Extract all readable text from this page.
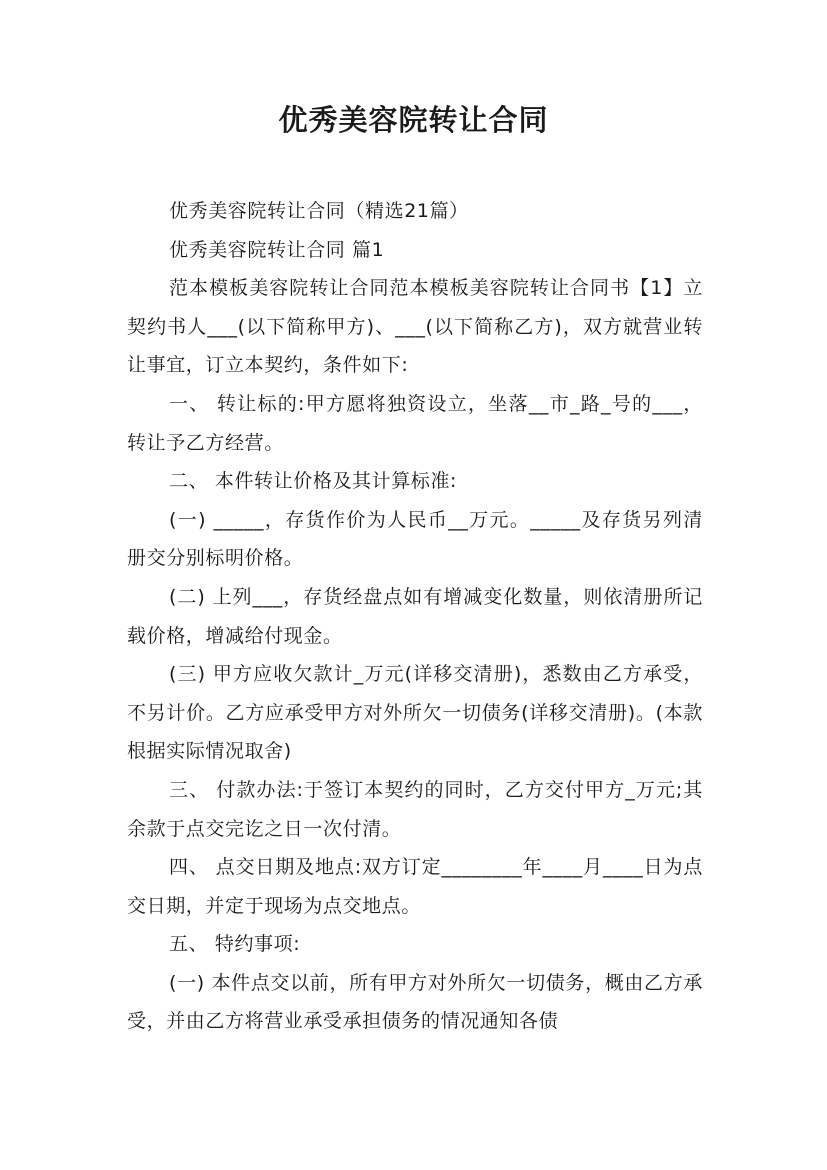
优秀美容院转让合同

优秀美容院转让合同（精选21篇）

优秀美容院转让合同 篇1

范本模板美容院转让合同范本模板美容院转让合同书【1】立契约书人___(以下简称甲方)、___(以下简称乙方)，双方就营业转让事宜，订立本契约，条件如下:

一、 转让标的:甲方愿将独资设立，坐落__市_路_号的___，转让予乙方经营。

二、 本件转让价格及其计算标准:

(一) _____，存货作价为人民币__万元。_____及存货另列清册交分别标明价格。

(二) 上列___，存货经盘点如有增减变化数量，则依清册所记载价格，增减给付现金。

(三) 甲方应收欠款计_万元(详移交清册)，悉数由乙方承受，不另计价。乙方应承受甲方对外所欠一切债务(详移交清册)。(本款根据实际情况取舍)

三、 付款办法:于签订本契约的同时，乙方交付甲方_万元;其余款于点交完讫之日一次付清。

四、 点交日期及地点:双方订定________年____月____日为点交日期，并定于现场为点交地点。

五、 特约事项:

(一) 本件点交以前，所有甲方对外所欠一切债务，概由乙方承受，并由乙方将营业承受承担债务的情况通知各债
